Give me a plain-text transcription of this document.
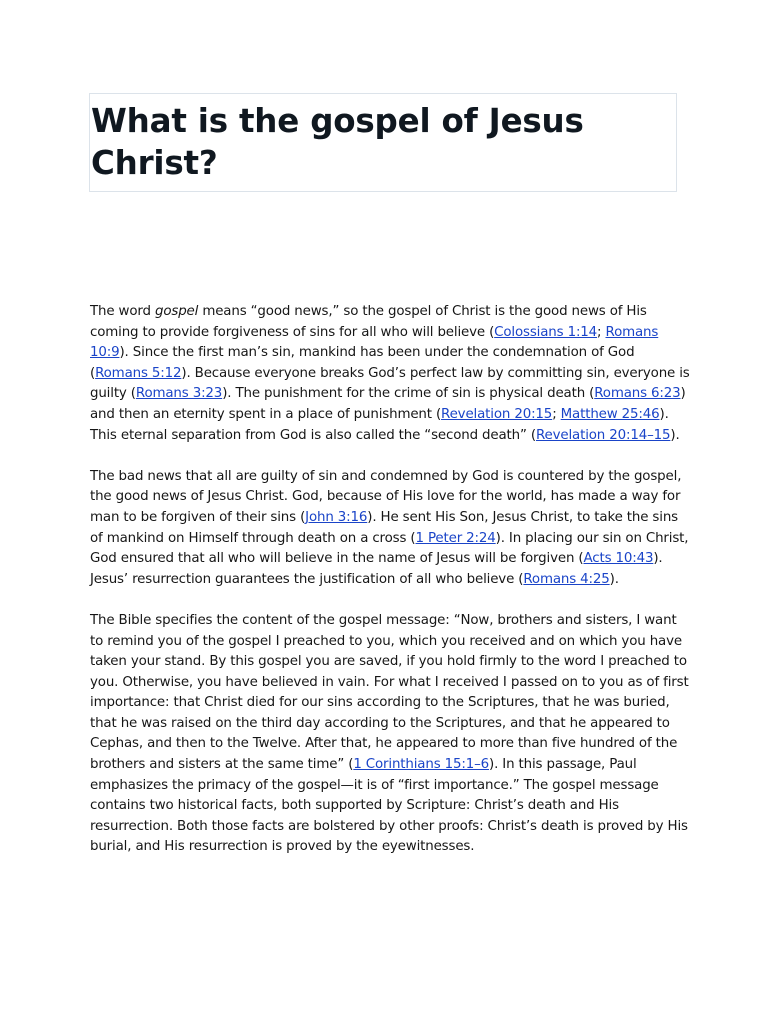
What is the gospel of Jesus Christ?

The word gospel means “good news,” so the gospel of Christ is the good news of His coming to provide forgiveness of sins for all who will believe (Colossians 1:14; Romans 10:9). Since the first man’s sin, mankind has been under the condemnation of God (Romans 5:12). Because everyone breaks God’s perfect law by committing sin, everyone is guilty (Romans 3:23). The punishment for the crime of sin is physical death (Romans 6:23) and then an eternity spent in a place of punishment (Revelation 20:15; Matthew 25:46). This eternal separation from God is also called the “second death” (Revelation 20:14–15).

The bad news that all are guilty of sin and condemned by God is countered by the gospel, the good news of Jesus Christ. God, because of His love for the world, has made a way for man to be forgiven of their sins (John 3:16). He sent His Son, Jesus Christ, to take the sins of mankind on Himself through death on a cross (1 Peter 2:24). In placing our sin on Christ, God ensured that all who will believe in the name of Jesus will be forgiven (Acts 10:43). Jesus’ resurrection guarantees the justification of all who believe (Romans 4:25).

The Bible specifies the content of the gospel message: “Now, brothers and sisters, I want to remind you of the gospel I preached to you, which you received and on which you have taken your stand. By this gospel you are saved, if you hold firmly to the word I preached to you. Otherwise, you have believed in vain. For what I received I passed on to you as of first importance: that Christ died for our sins according to the Scriptures, that he was buried, that he was raised on the third day according to the Scriptures, and that he appeared to Cephas, and then to the Twelve. After that, he appeared to more than five hundred of the brothers and sisters at the same time” (1 Corinthians 15:1–6). In this passage, Paul emphasizes the primacy of the gospel—it is of “first importance.” The gospel message contains two historical facts, both supported by Scripture: Christ’s death and His resurrection. Both those facts are bolstered by other proofs: Christ’s death is proved by His burial, and His resurrection is proved by the eyewitnesses.
